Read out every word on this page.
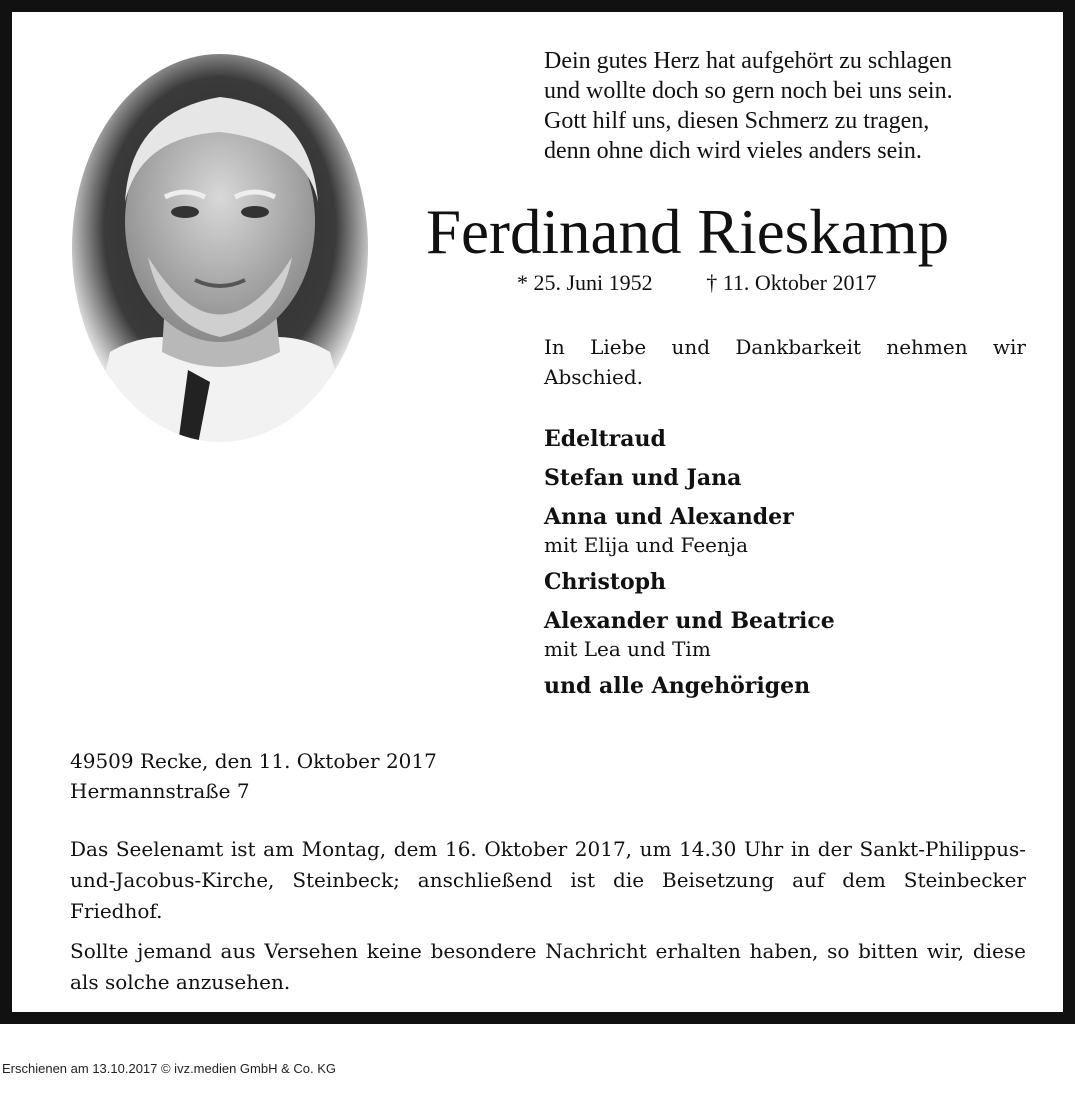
Dein gutes Herz hat aufgehört zu schlagen
und wollte doch so gern noch bei uns sein.
Gott hilf uns, diesen Schmerz zu tragen,
denn ohne dich wird vieles anders sein.
Ferdinand Rieskamp
* 25. Juni 1952 † 11. Oktober 2017
In Liebe und Dankbarkeit nehmen wir Abschied.
Edeltraud
Stefan und Jana
Anna und Alexander
mit Elija und Feenja
Christoph
Alexander und Beatrice
mit Lea und Tim
und alle Angehörigen
49509 Recke, den 11. Oktober 2017
Hermannstraße 7
Das Seelenamt ist am Montag, dem 16. Oktober 2017, um 14.30 Uhr in der Sankt-Philippus-und-Jacobus-Kirche, Steinbeck; anschließend ist die Beisetzung auf dem Steinbecker Friedhof.
Sollte jemand aus Versehen keine besondere Nachricht erhalten haben, so bitten wir, diese als solche anzusehen.
Erschienen am 13.10.2017 © ivz.medien GmbH & Co. KG
